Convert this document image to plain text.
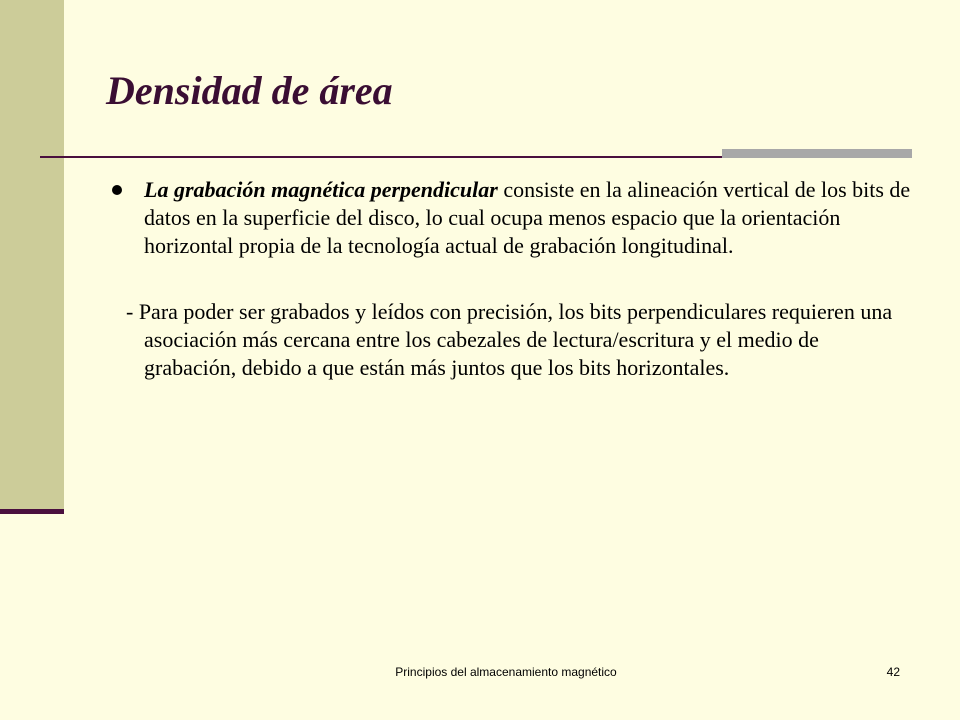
Densidad de área

La grabación magnética perpendicular consiste en la alineación vertical de los bits de datos en la superficie del disco, lo cual ocupa menos espacio que la orientación horizontal propia de la tecnología actual de grabación longitudinal.

- Para poder ser grabados y leídos con precisión, los bits perpendiculares requieren una asociación más cercana entre los cabezales de lectura/escritura y el medio de grabación, debido a que están más juntos que los bits horizontales.

Principios del almacenamiento magnético	42
